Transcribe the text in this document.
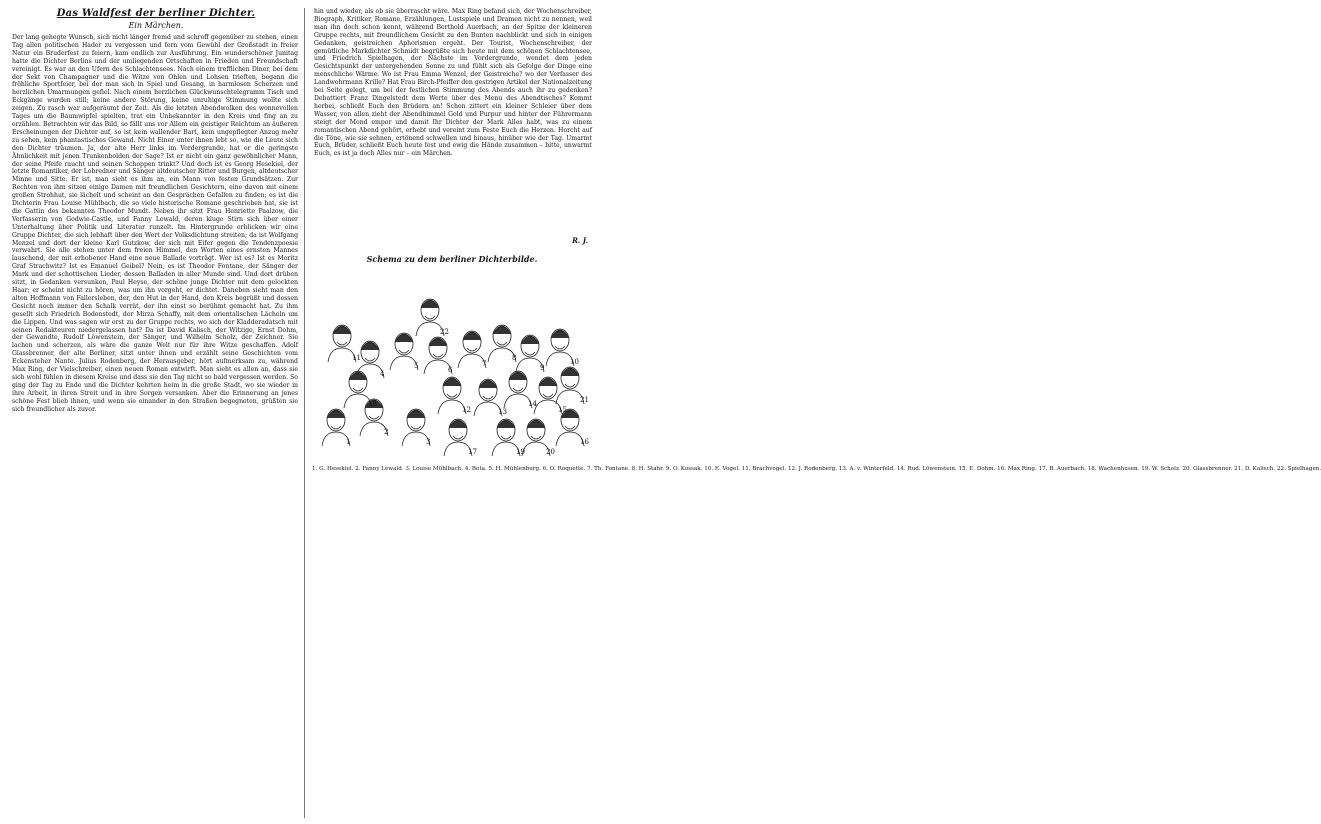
Das Waldfest der berliner Dichter.
Ein Märchen.
Der lang gehegte Wunsch, sich nicht länger fremd und schroff gegenüber zu stehen, einen Tag allen politischen Hader zu vergessen und fern vom Gewühl der Großstadt in freier Natur ein Bruderfest zu feiern, kam endlich zur Ausführung. Ein wunderschöner Junitag hatte die Dichter Berlins und der umliegenden Ortschaften in Frieden und Freundschaft vereinigt. Es war an den Ufern des Schlachtensees. Nach einem trefflichen Diner, bei dem der Sekt von Champagner und die Witze von Ohlen und Lohsen trieften, begann die fröhliche Sportfeier, bei der man sich in Spiel und Gesang, in harmlosen Scherzen und herzlichen Umarmungen gefiel. Nach einem herzlichen Glückwunschtelegramm Tisch und Eckgänge wurden still; keine andere Störung, keine unruhige Stimmung wollte sich zeigen. Zu rasch war aufgeräumt der Zeit. Als die letzten Abendwolken des wonnevollen Tages um die Baumwipfel spielten, trat ein Unbekannter in den Kreis und fing an zu erzählen. Betrachten wir das Bild, so fällt uns vor Allem ein geistiger Reichtum an äußeren Erscheinungen der Dichter auf, so ist kein wallender Bart, kein ungepflegter Anzug mehr zu sehen, kein phantastisches Gewand. Nicht Einer unter ihnen lebt so, wie die Leute sich den Dichter träumen. Ja, der alte Herr links im Vordergrunde, hat er die geringste Ähnlichkeit mit jenen Trunkenbolden der Sage? Ist er nicht ein ganz gewöhnlicher Mann, der seine Pfeife raucht und seinen Schoppen trinkt? Und doch ist es Georg Hesekiel, der letzte Romantiker, der Lobredner und Sänger altdeutscher Ritter und Burgen, altdeutscher Minne und Sitte. Er ist, man sieht es ihm an, ein Mann von festen Grundsätzen. Zur Rechten von ihm sitzen einige Damen mit freundlichen Gesichtern, eine davon mit einem großen Strohhut, sie lächelt und scheint an den Gesprächen Gefallen zu finden; es ist die Dichterin Frau Louise Mühlbach, die so viele historische Romane geschrieben hat, sie ist die Gattin des bekannten Theodor Mundt. Neben ihr sitzt Frau Henriette Paalzow, die Verfasserin von Godwie-Castle, und Fanny Lewald, deren kluge Stirn sich über einer Unterhaltung über Politik und Literatur runzelt. Im Hintergrunde erblicken wir eine Gruppe Dichter, die sich lebhaft über den Wert der Volksdichtung streiten; da ist Wolfgang Menzel und dort der kleine Karl Gutzkow, der sich mit Eifer gegen die Tendenzpoesie verwahrt. Sie alle stehen unter dem freien Himmel, den Worten eines ernsten Mannes lauschend, der mit erhobener Hand eine neue Ballade vorträgt. Wer ist es? Ist es Moritz Graf Strachwitz? Ist es Emanuel Geibel? Nein, es ist Theodor Fontane, der Sänger der Mark und der schottischen Lieder, dessen Balladen in aller Munde sind. Und dort drüben sitzt, in Gedanken versunken, Paul Heyse, der schöne junge Dichter mit dem gelockten Haar; er scheint nicht zu hören, was um ihn vorgeht, er dichtet. Daneben sieht man den alten Hoffmann von Fallersleben, der, den Hut in der Hand, den Kreis begrüßt und dessen Gesicht noch immer den Schalk verrät, der ihn einst so berühmt gemacht hat. Zu ihm gesellt sich Friedrich Bodenstedt, der Mirza Schaffy, mit dem orientalischen Lächeln um die Lippen. Und was sagen wir erst zu der Gruppe rechts, wo sich der Kladderadatsch mit seinen Redakteuren niedergelassen hat? Da ist David Kalisch, der Witzige, Ernst Dohm, der Gewandte, Rudolf Löwenstein, der Sänger, und Wilhelm Scholz, der Zeichner. Sie lachen und scherzen, als wäre die ganze Welt nur für ihre Witze geschaffen. Adolf Glassbrenner, der alte Berliner, sitzt unter ihnen und erzählt seine Geschichten vom Eckensteher Nante. Julius Rodenberg, der Herausgeber, hört aufmerksam zu, während Max Ring, der Vielschreiber, einen neuen Roman entwirft. Man sieht es allen an, dass sie sich wohl fühlen in diesem Kreise und dass sie den Tag nicht so bald vergessen werden. So ging der Tag zu Ende und die Dichter kehrten heim in die große Stadt, wo sie wieder in ihre Arbeit, in ihren Streit und in ihre Sorgen versanken. Aber die Erinnerung an jenes schöne Fest blieb ihnen, und wenn sie einander in den Straßen begegneten, grüßten sie sich freundlicher als zuvor.
hin und wieder, als ob sie überrascht wäre. Max Ring befand sich, der Wochenschreiber, Biograph, Kritiker, Romane, Erzählungen, Lustspiele und Dramen nicht zu nennen, weil man ihn doch schon kennt, während Berthold Auerbach, an der Spitze der kleineren Gruppe rechts, mit freundlichem Gesicht zu den Bunten nachblickt und sich in einigen Gedanken, geistreichen Aphorismen ergeht. Der Tourist, Wochenschreiber, der gemütliche Markdichter Schmidt begrüßte sich heute mit dem schönen Schlachtensee, und Friedrich Spielhagen, der Nächste im Vordergrunde, wendet dem jeden Gesichtspunkt der untergehenden Sonne zu und fühlt sich als Gefolge der Dinge eine menschliche Wärme. Wo ist Frau Emma Wenzel, der Geistreiche? wo der Verfasser des Landwehrmann Krille? Hat Frau Birch-Pfeiffer den gestrigen Artikel der Nationalzeitung bei Seite gelegt, um bei der festlichen Stimmung des Abends auch ihr zu gedenken? Debattiert Franz Dingelstedt dem Werte über des Menu des Abendtisches? Kommt herbei, schließt Euch den Brüdern an! Schon zittert ein kleiner Schleier über dem Wasser, von allen zieht der Abendhimmel Gold und Purpur und hinter der Führermann steigt der Mond empor und damit Ihr Dichter der Mark Alles habt, was zu einem romantischen Abend gehört, erhebt und vereint zum Feste Euch die Herzen. Horcht auf die Töne, wie sie sehnen, ertönend schwellen und hinaus, hinüber wie der Tag. Umarmt Euch, Brüder, schließt Euch heute fest und ewig die Hände zusammen – bitte, unwarmt Euch, es ist ja doch Alles nur – ein Märchen.
R. J.
Schema zu dem berliner Dichterbilde.
1
2
3
4
5	6
7
8
9
10
11
12	13
14
15
16
17
18
19	20
21
22
1. G. Hesekiel. 2. Fanny Lewald. 3. Louise Mühlbach. 4. Beta. 5. H. Mühlenburg. 6. O. Roquette. 7. Th. Fontane. 8. H. Stahr. 9. O. Kossak. 10. E. Vogel. 11. Brachvogel. 12. J. Rodenberg. 13. A. v. Winterfeld. 14. Rud. Löwenstein. 15. E. Dohm. 16. Max Ring. 17. B. Auerbach. 18. Wachenhusen. 19. W. Scholz. 20. Glassbrenner. 21. D. Kalisch. 22. Spielhagen.
